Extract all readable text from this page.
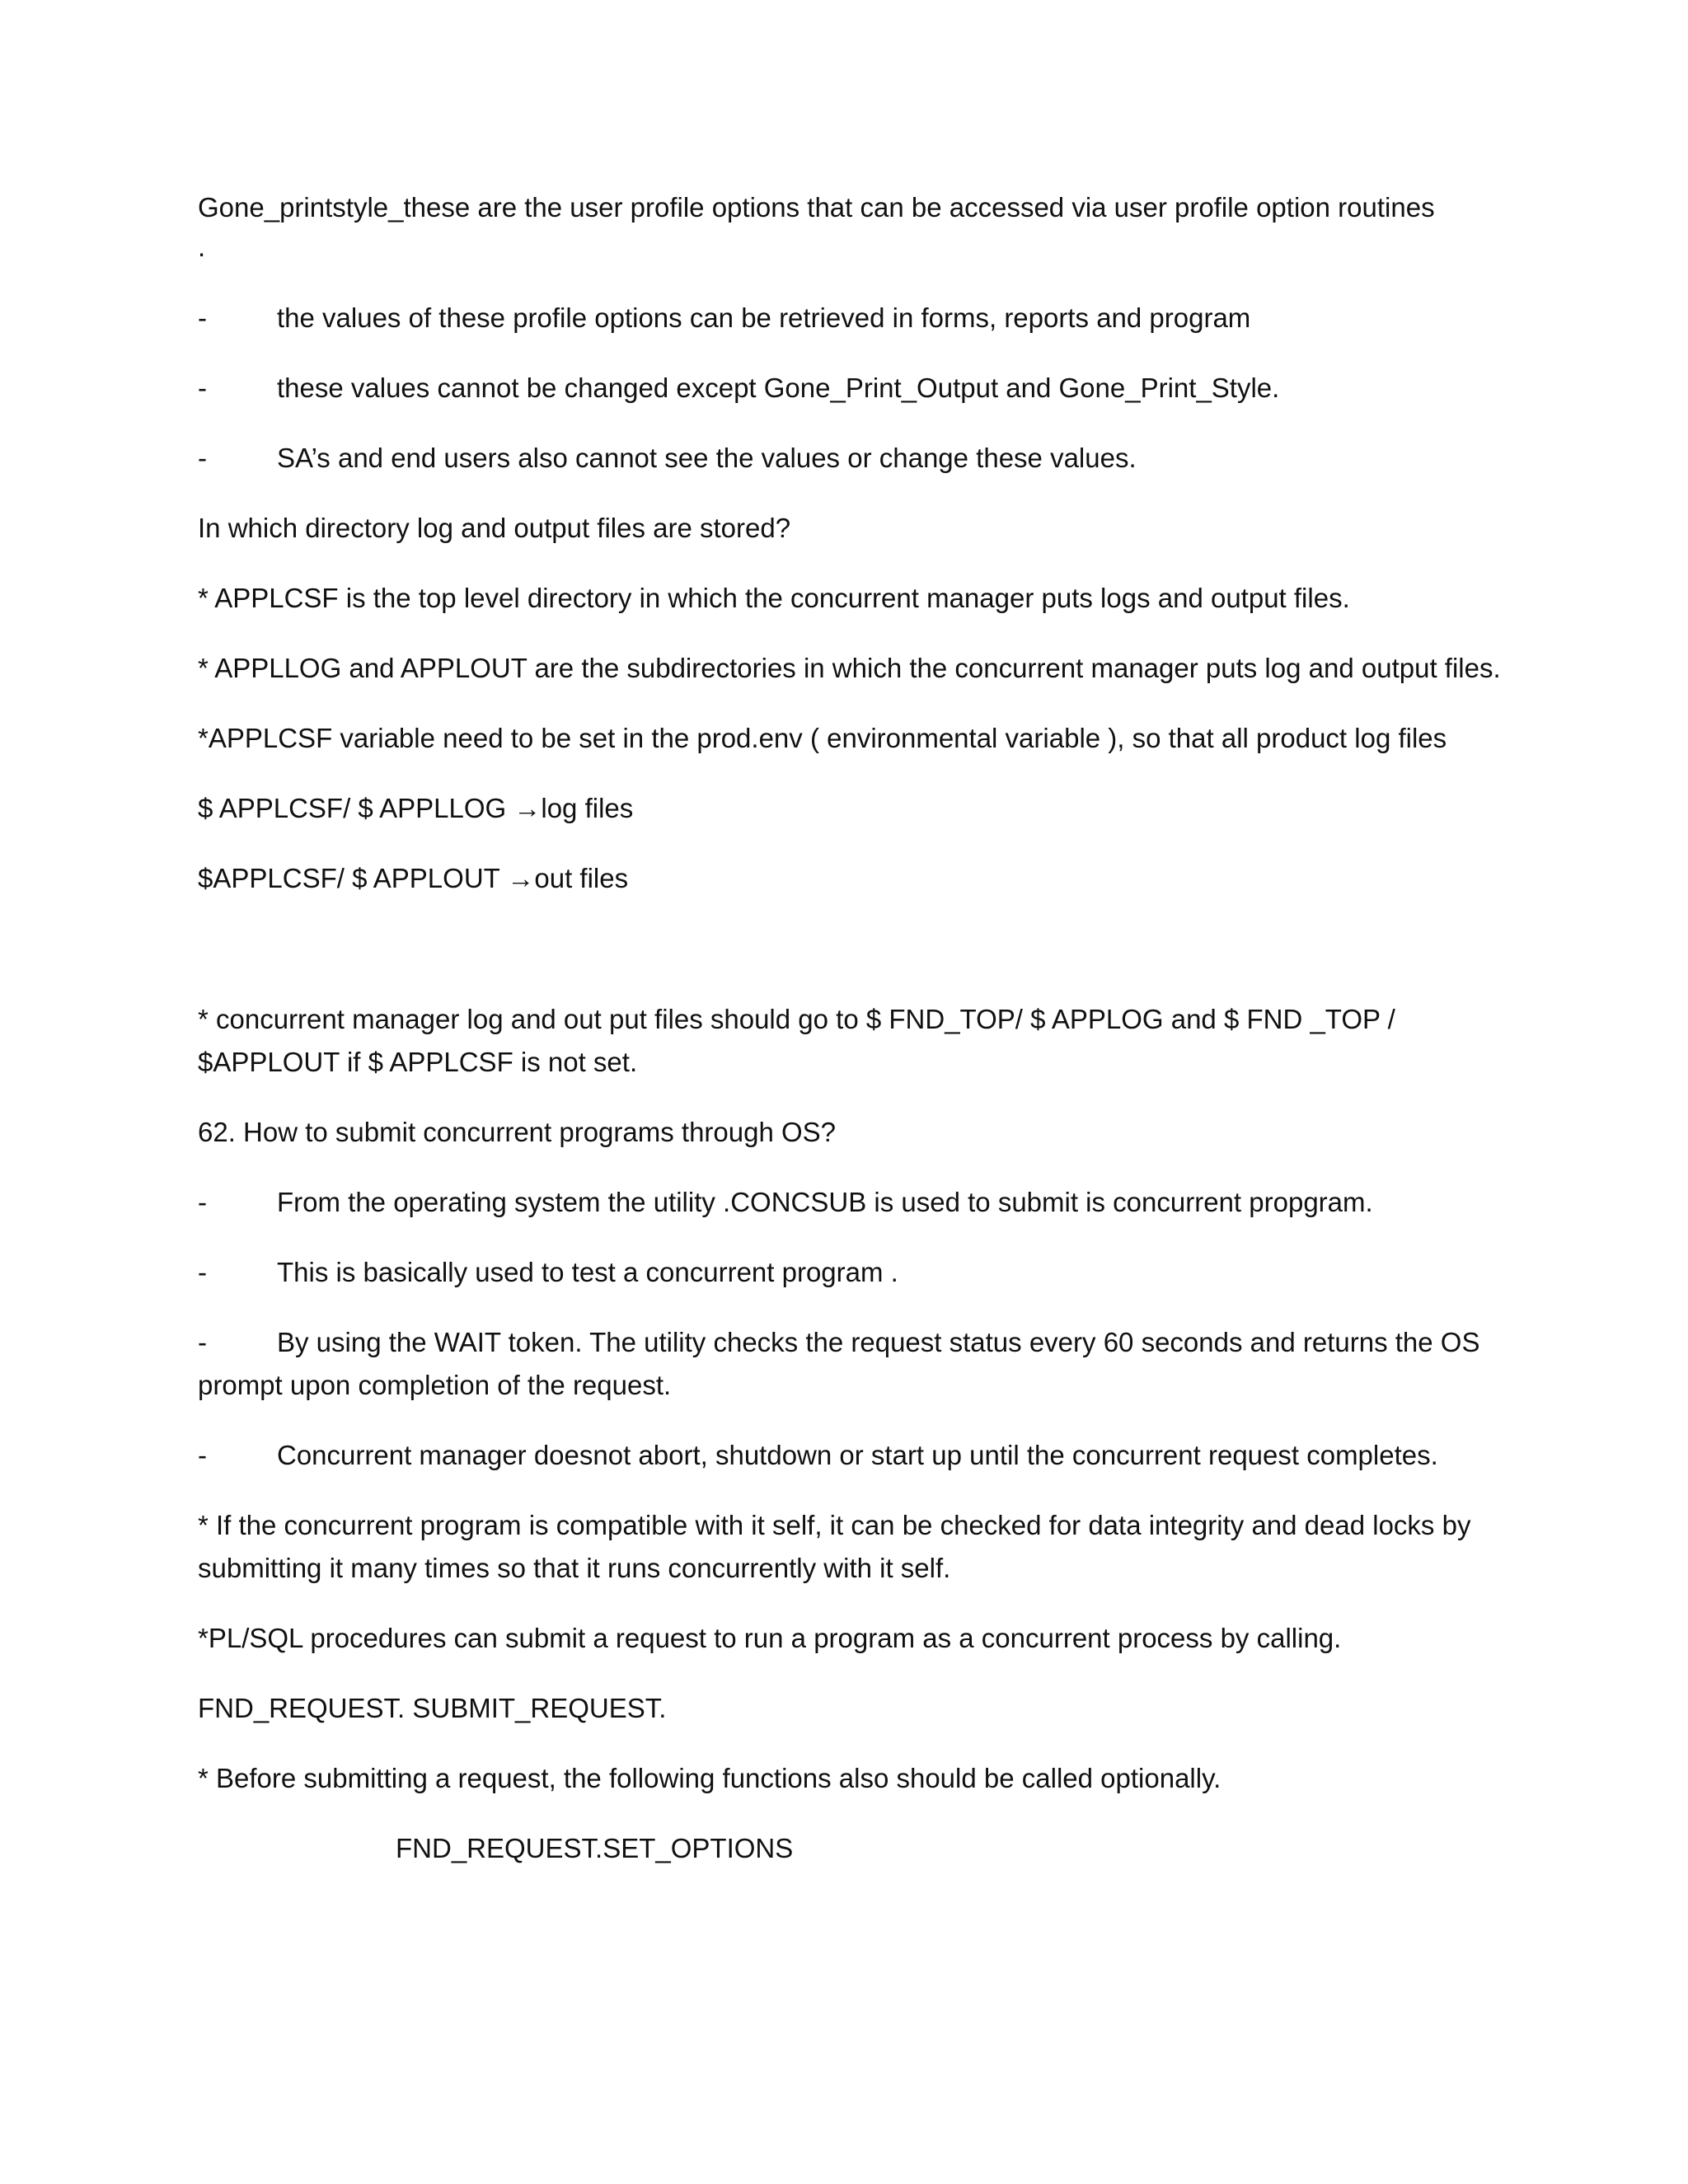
Gone_printstyle_these are the user profile options that can be accessed via user profile option routines
.
-	the values of these profile options can be retrieved in forms, reports and program
-	these values cannot be changed except Gone_Print_Output and Gone_Print_Style.
-	SA’s and end users also cannot see the values or change these values.
In which directory log and output files are stored?
* APPLCSF is the top level directory in which the concurrent manager puts logs and output files.
* APPLLOG and APPLOUT are the subdirectories in which the concurrent manager puts log and output files.
*APPLCSF variable need to be set in the prod.env ( environmental variable ), so that all product log files
$ APPLCSF/ $ APPLLOG →log files
$APPLCSF/ $ APPLOUT →out files
* concurrent manager log and out put files should go to $ FND_TOP/ $ APPLOG and $ FND _TOP / $APPLOUT if $ APPLCSF is not set.
62. How to submit concurrent programs through OS?
-	From the operating system the utility .CONCSUB is used to submit is concurrent propgram.
-	This is basically used to test a concurrent program .
-	By using the WAIT token. The utility checks the request status every 60 seconds and returns the OS prompt upon completion of the request.
-	Concurrent manager doesnot abort, shutdown or start up until the concurrent request completes.
* If the concurrent program is compatible with it self, it can be checked for data integrity and dead locks by submitting it many times so that it runs concurrently with it self.
*PL/SQL procedures can submit a request to run a program as a concurrent process by calling.
FND_REQUEST. SUBMIT_REQUEST.
* Before submitting a request, the following functions also should be called optionally.
FND_REQUEST.SET_OPTIONS
